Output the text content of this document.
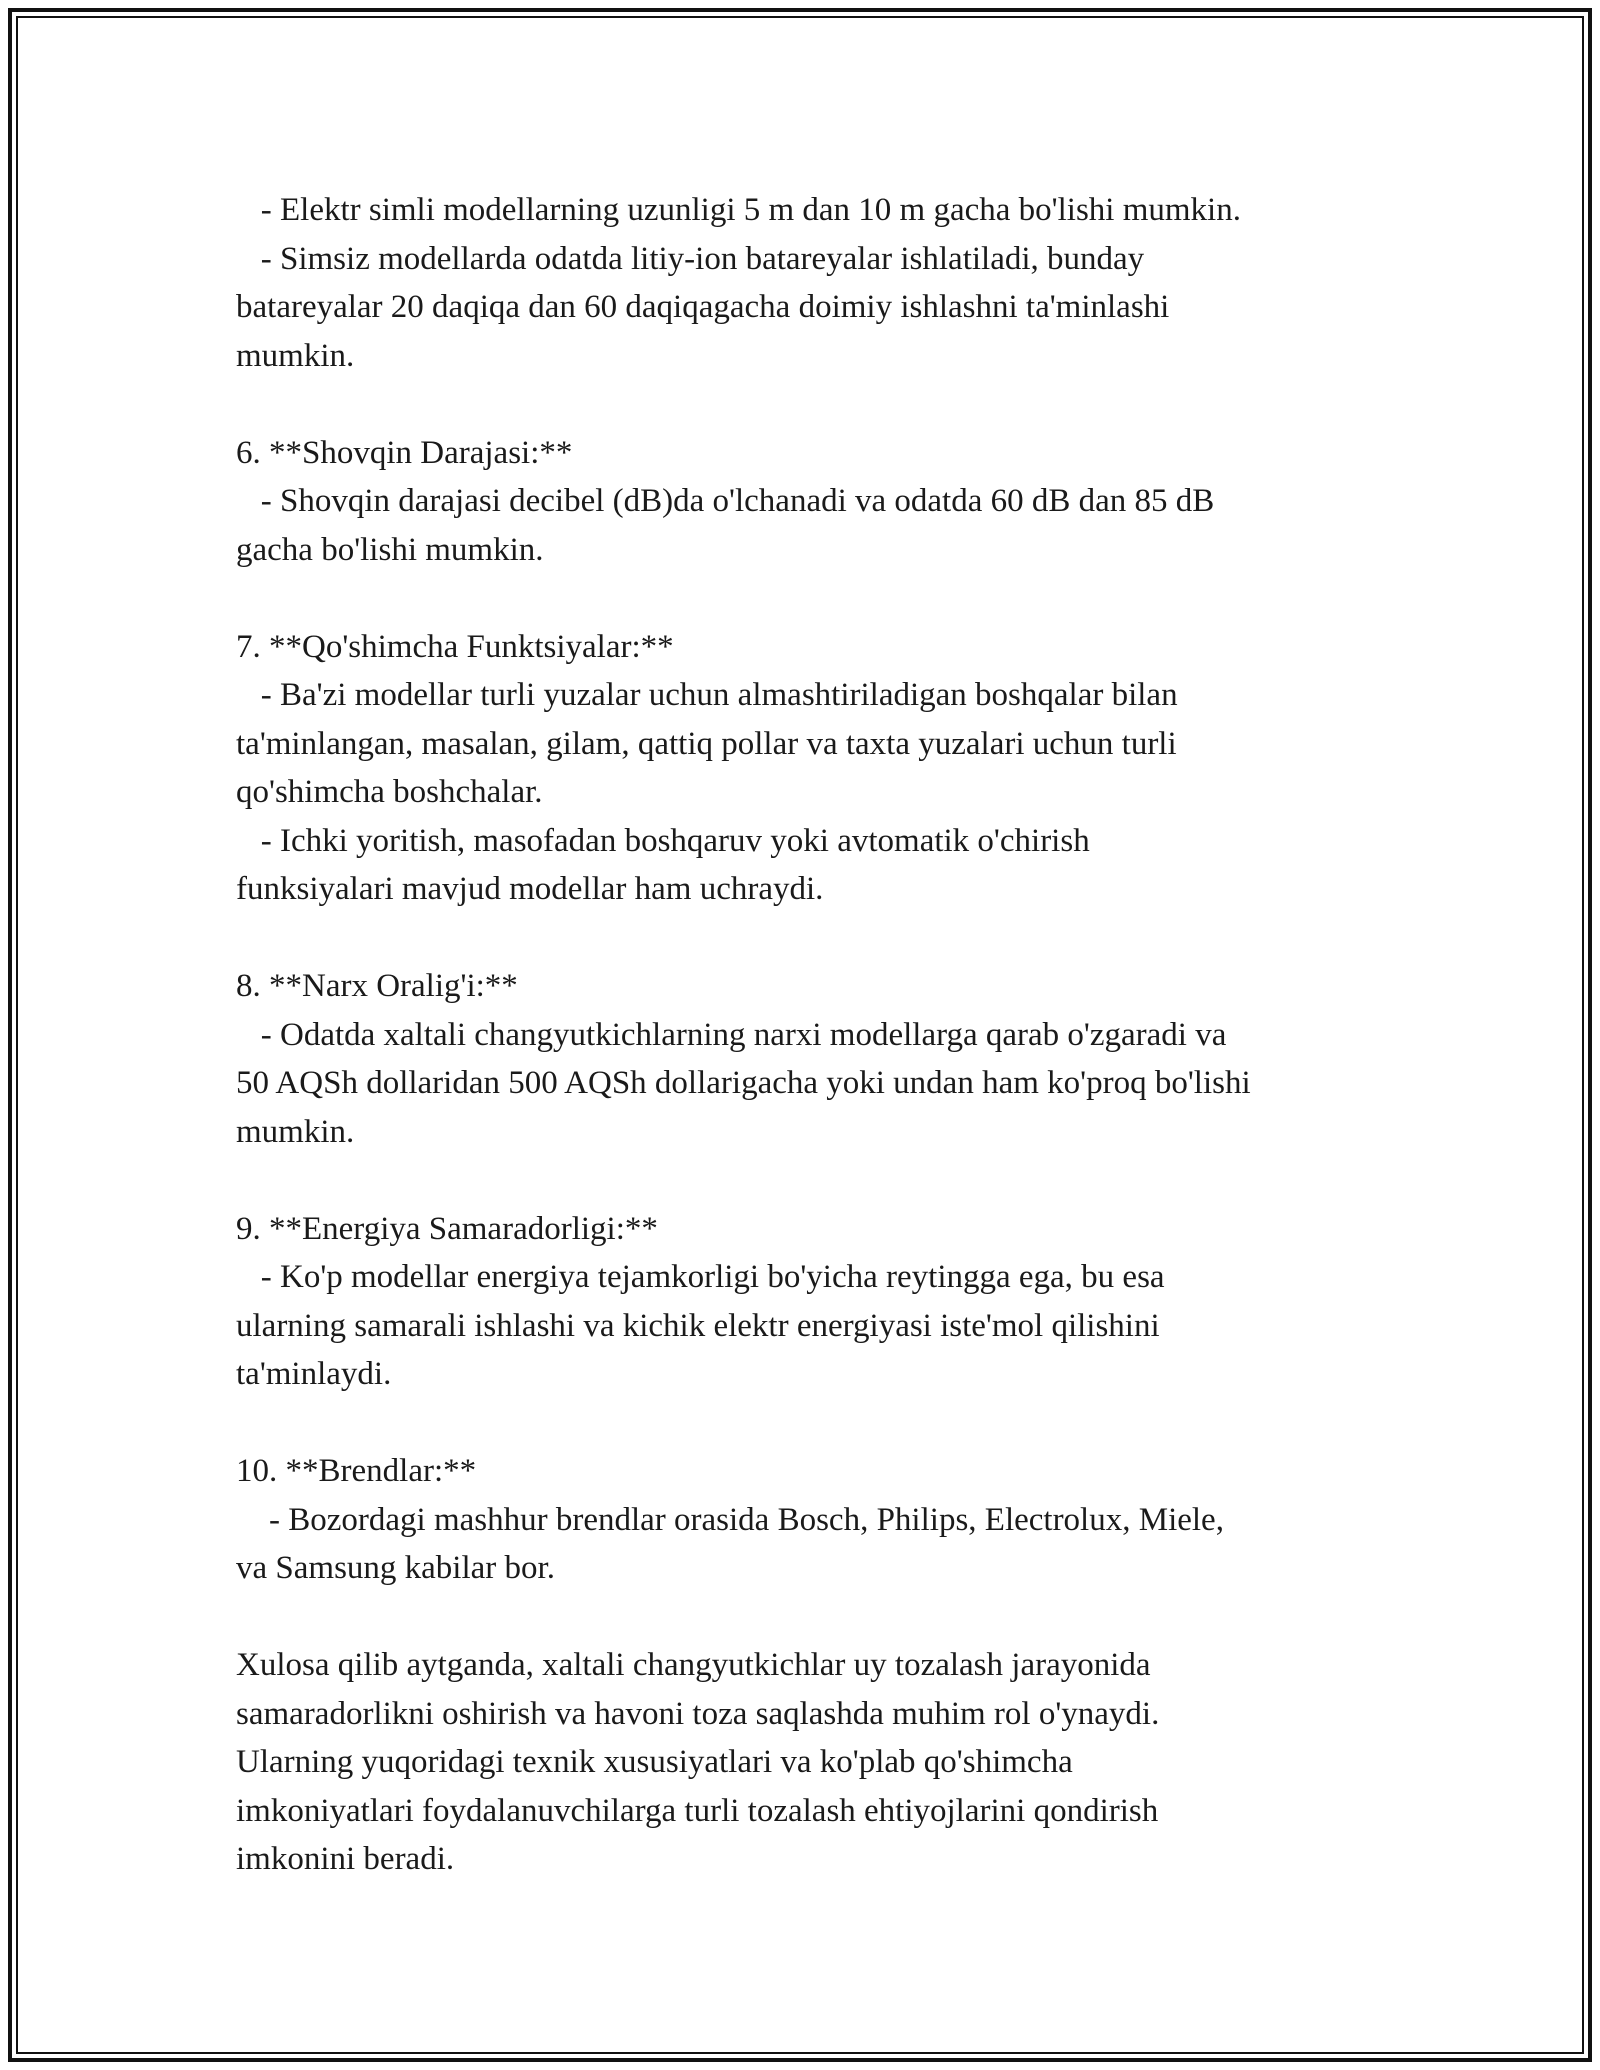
- Elektr simli modellarning uzunligi 5 m dan 10 m gacha bo'lishi mumkin.
- Simsiz modellarda odatda litiy-ion batareyalar ishlatiladi, bunday
batareyalar 20 daqiqa dan 60 daqiqagacha doimiy ishlashni ta'minlashi
mumkin.
6. **Shovqin Darajasi:**
- Shovqin darajasi decibel (dB)da o'lchanadi va odatda 60 dB dan 85 dB
gacha bo'lishi mumkin.
7. **Qo'shimcha Funktsiyalar:**
- Ba'zi modellar turli yuzalar uchun almashtiriladigan boshqalar bilan
ta'minlangan, masalan, gilam, qattiq pollar va taxta yuzalari uchun turli
qo'shimcha boshchalar.
- Ichki yoritish, masofadan boshqaruv yoki avtomatik o'chirish
funksiyalari mavjud modellar ham uchraydi.
8. **Narx Oralig'i:**
- Odatda xaltali changyutkichlarning narxi modellarga qarab o'zgaradi va
50 AQSh dollaridan 500 AQSh dollarigacha yoki undan ham ko'proq bo'lishi
mumkin.
9. **Energiya Samaradorligi:**
- Ko'p modellar energiya tejamkorligi bo'yicha reytingga ega, bu esa
ularning samarali ishlashi va kichik elektr energiyasi iste'mol qilishini
ta'minlaydi.
10. **Brendlar:**
- Bozordagi mashhur brendlar orasida Bosch, Philips, Electrolux, Miele,
va Samsung kabilar bor.
Xulosa qilib aytganda, xaltali changyutkichlar uy tozalash jarayonida
samaradorlikni oshirish va havoni toza saqlashda muhim rol o'ynaydi.
Ularning yuqoridagi texnik xususiyatlari va ko'plab qo'shimcha
imkoniyatlari foydalanuvchilarga turli tozalash ehtiyojlarini qondirish
imkonini beradi.
